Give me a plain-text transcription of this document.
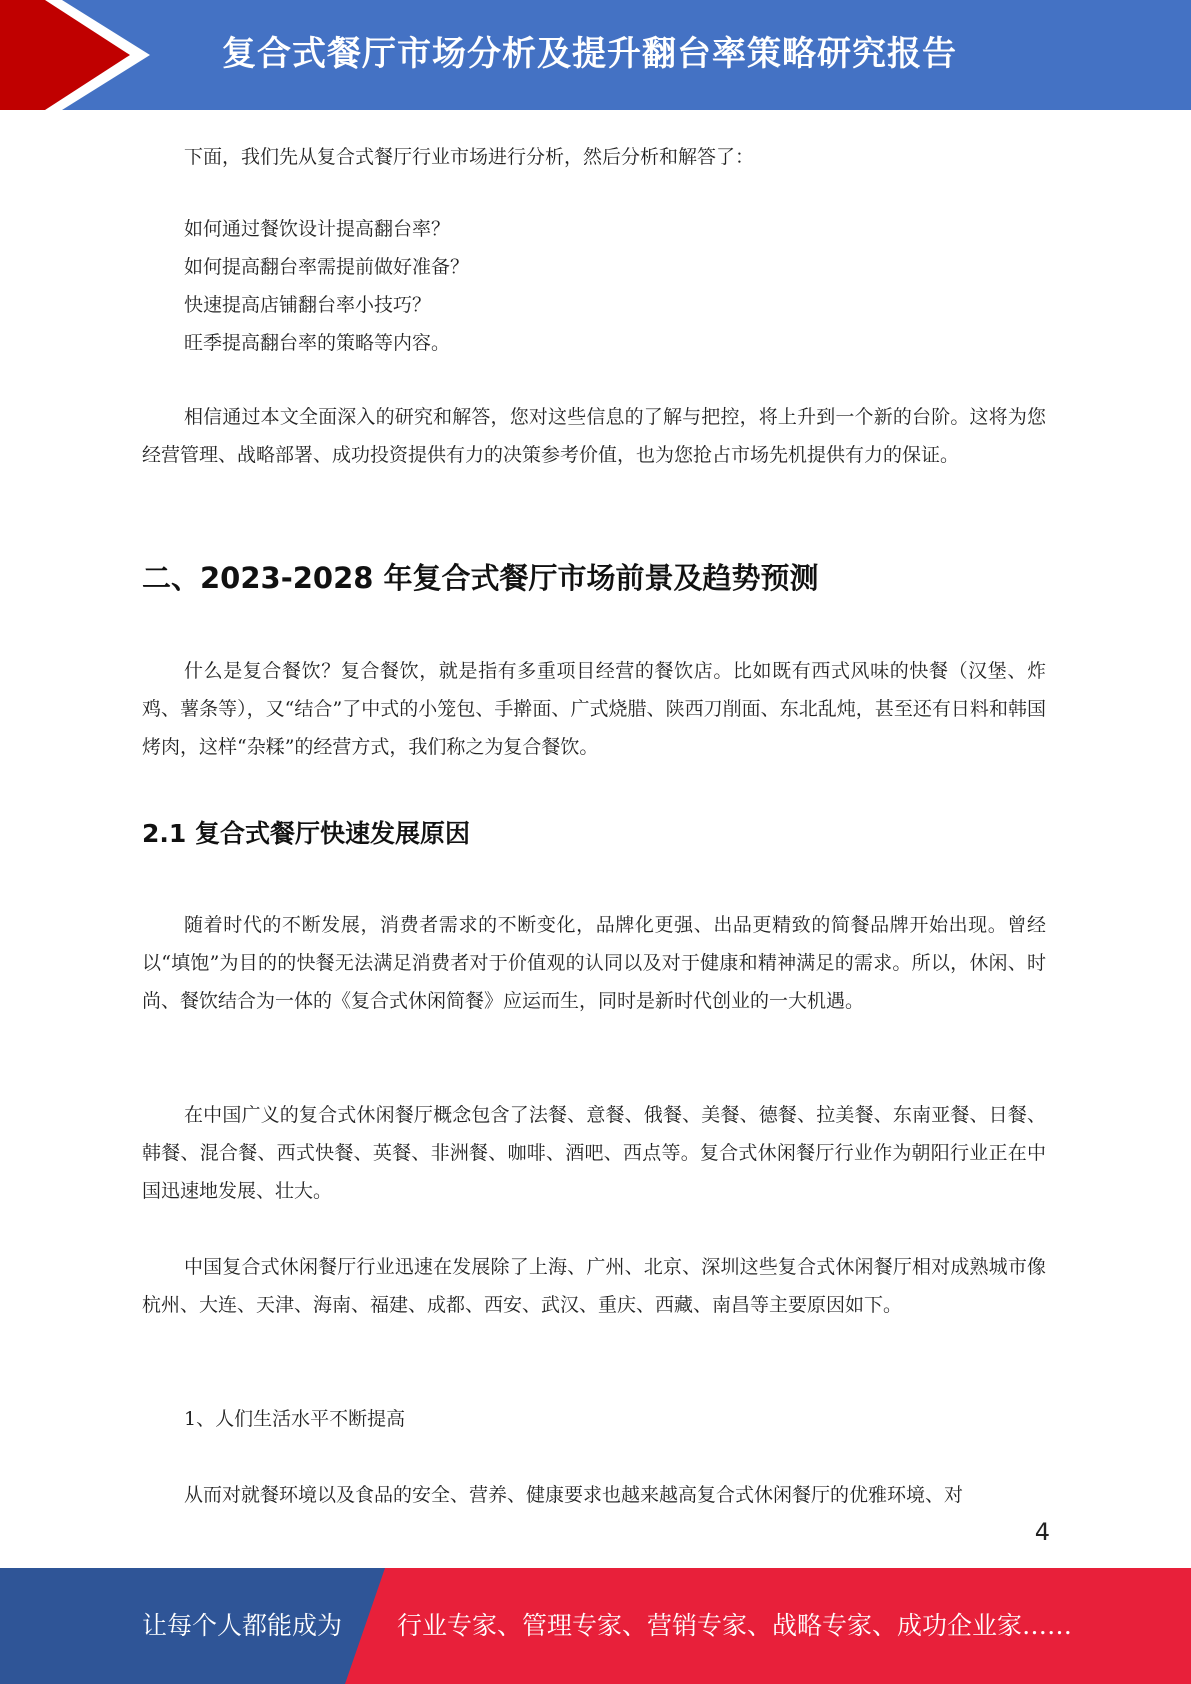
复合式餐厅市场分析及提升翻台率策略研究报告

下面，我们先从复合式餐厅行业市场进行分析，然后分析和解答了：

如何通过餐饮设计提高翻台率？

如何提高翻台率需提前做好准备？

快速提高店铺翻台率小技巧？

旺季提高翻台率的策略等内容。

相信通过本文全面深入的研究和解答，您对这些信息的了解与把控，将上升到一个新的台阶。这将为您经营管理、战略部署、成功投资提供有力的决策参考价值，也为您抢占市场先机提供有力的保证。

二、2023-2028 年复合式餐厅市场前景及趋势预测

什么是复合餐饮？复合餐饮，就是指有多重项目经营的餐饮店。比如既有西式风味的快餐（汉堡、炸鸡、薯条等），又“结合”了中式的小笼包、手擀面、广式烧腊、陕西刀削面、东北乱炖，甚至还有日料和韩国烤肉，这样“杂糅”的经营方式，我们称之为复合餐饮。

2.1 复合式餐厅快速发展原因

随着时代的不断发展，消费者需求的不断变化，品牌化更强、出品更精致的简餐品牌开始出现。曾经以“填饱”为目的的快餐无法满足消费者对于价值观的认同以及对于健康和精神满足的需求。所以，休闲、时尚、餐饮结合为一体的《复合式休闲简餐》应运而生，同时是新时代创业的一大机遇。

在中国广义的复合式休闲餐厅概念包含了法餐、意餐、俄餐、美餐、德餐、拉美餐、东南亚餐、日餐、韩餐、混合餐、西式快餐、英餐、非洲餐、咖啡、酒吧、西点等。复合式休闲餐厅行业作为朝阳行业正在中国迅速地发展、壮大。

中国复合式休闲餐厅行业迅速在发展除了上海、广州、北京、深圳这些复合式休闲餐厅相对成熟城市像杭州、大连、天津、海南、福建、成都、西安、武汉、重庆、西藏、南昌等主要原因如下。

1、人们生活水平不断提高

从而对就餐环境以及食品的安全、营养、健康要求也越来越高复合式休闲餐厅的优雅环境、对

4
让每个人都能成为 行业专家、管理专家、营销专家、战略专家、成功企业家……
